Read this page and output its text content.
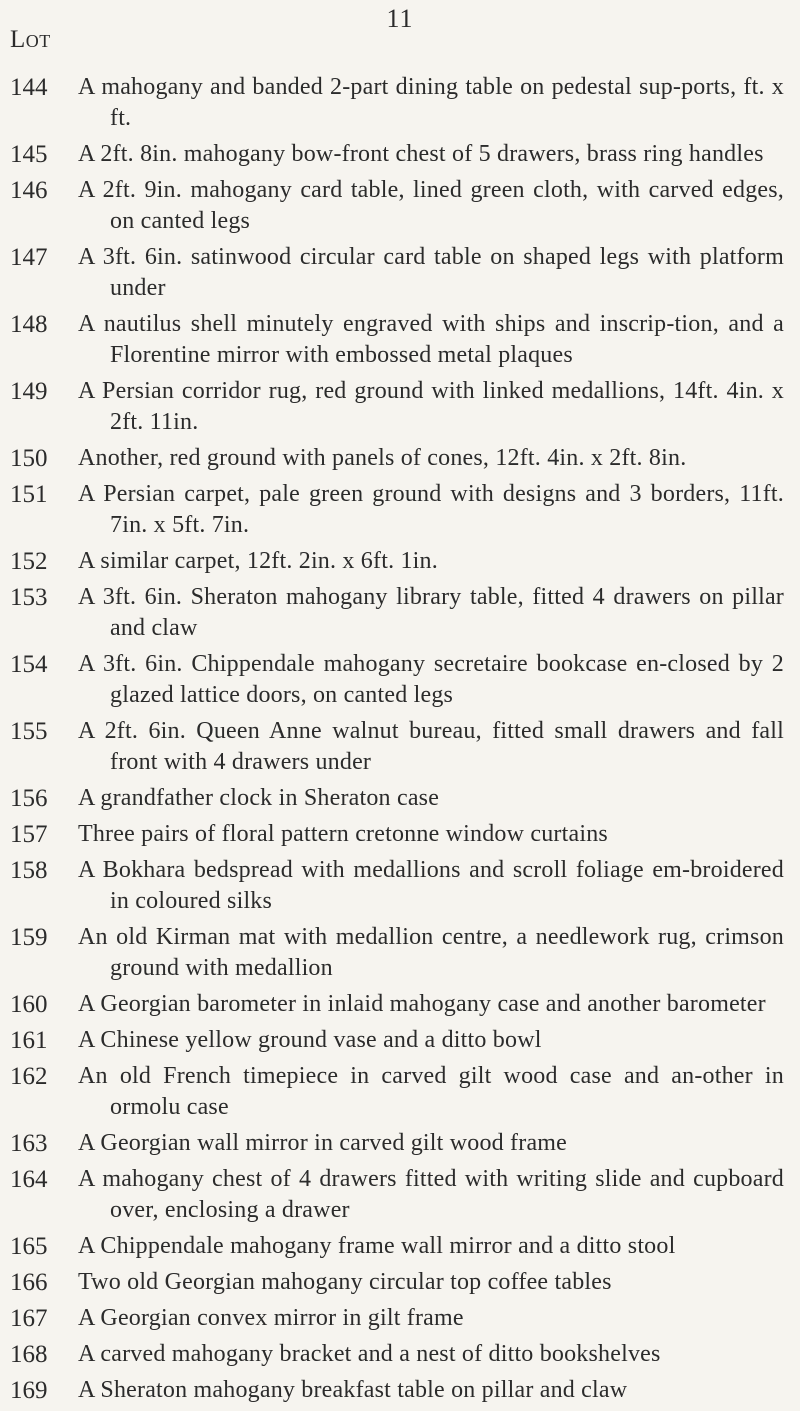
11
Lot
144	A mahogany and banded 2-part dining table on pedestal sup-ports, ft. x ft.
145	A 2ft. 8in. mahogany bow-front chest of 5 drawers, brass ring handles
146	A 2ft. 9in. mahogany card table, lined green cloth, with carved edges, on canted legs
147	A 3ft. 6in. satinwood circular card table on shaped legs with platform under
148	A nautilus shell minutely engraved with ships and inscrip-tion, and a Florentine mirror with embossed metal plaques
149	A Persian corridor rug, red ground with linked medallions, 14ft. 4in. x 2ft. 11in.
150	Another, red ground with panels of cones, 12ft. 4in. x 2ft. 8in.
151	A Persian carpet, pale green ground with designs and 3 borders, 11ft. 7in. x 5ft. 7in.
152	A similar carpet, 12ft. 2in. x 6ft. 1in.
153	A 3ft. 6in. Sheraton mahogany library table, fitted 4 drawers on pillar and claw
154	A 3ft. 6in. Chippendale mahogany secretaire bookcase en-closed by 2 glazed lattice doors, on canted legs
155	A 2ft. 6in. Queen Anne walnut bureau, fitted small drawers and fall front with 4 drawers under
156	A grandfather clock in Sheraton case
157	Three pairs of floral pattern cretonne window curtains
158	A Bokhara bedspread with medallions and scroll foliage em-broidered in coloured silks
159	An old Kirman mat with medallion centre, a needlework rug, crimson ground with medallion
160	A Georgian barometer in inlaid mahogany case and another barometer
161	A Chinese yellow ground vase and a ditto bowl
162	An old French timepiece in carved gilt wood case and an-other in ormolu case
163	A Georgian wall mirror in carved gilt wood frame
164	A mahogany chest of 4 drawers fitted with writing slide and cupboard over, enclosing a drawer
165	A Chippendale mahogany frame wall mirror and a ditto stool
166	Two old Georgian mahogany circular top coffee tables
167	A Georgian convex mirror in gilt frame
168	A carved mahogany bracket and a nest of ditto bookshelves
169	A Sheraton mahogany breakfast table on pillar and claw
